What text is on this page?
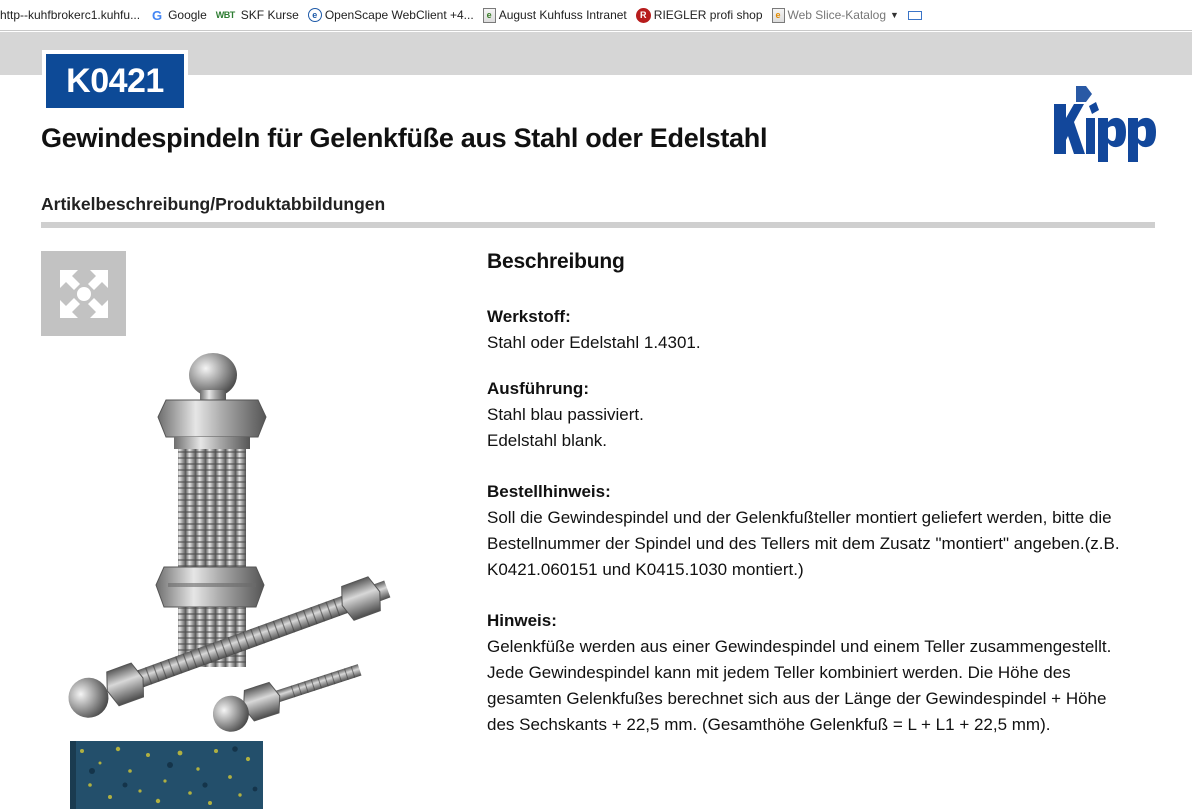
http--kuhfbrokerc1.kuhfu... G Google WBT SKF Kurse	e OpenScape WebClient +4...	e August Kuhfuss Intranet	R RIEGLER profi shop	e Web Slice-Katalog ▼
K0421
Gewindespindeln für Gelenkfüße aus Stahl oder Edelstahl
Artikelbeschreibung/Produktabbildungen
Beschreibung
Werkstoff:

Stahl oder Edelstahl 1.4301.

Ausführung:

Stahl blau passiviert.
Edelstahl blank.

Bestellhinweis:

Soll die Gewindespindel und der Gelenkfußteller montiert geliefert werden, bitte die
Bestellnummer der Spindel und des Tellers mit dem Zusatz "montiert" angeben.(z.B.
K0421.060151 und K0415.1030 montiert.)

Hinweis:

Gelenkfüße werden aus einer Gewindespindel und einem Teller zusammengestellt.
Jede Gewindespindel kann mit jedem Teller kombiniert werden. Die Höhe des
gesamten Gelenkfußes berechnet sich aus der Länge der Gewindespindel + Höhe
des Sechskants + 22,5 mm. (Gesamthöhe Gelenkfuß = L + L1 + 22,5 mm).
